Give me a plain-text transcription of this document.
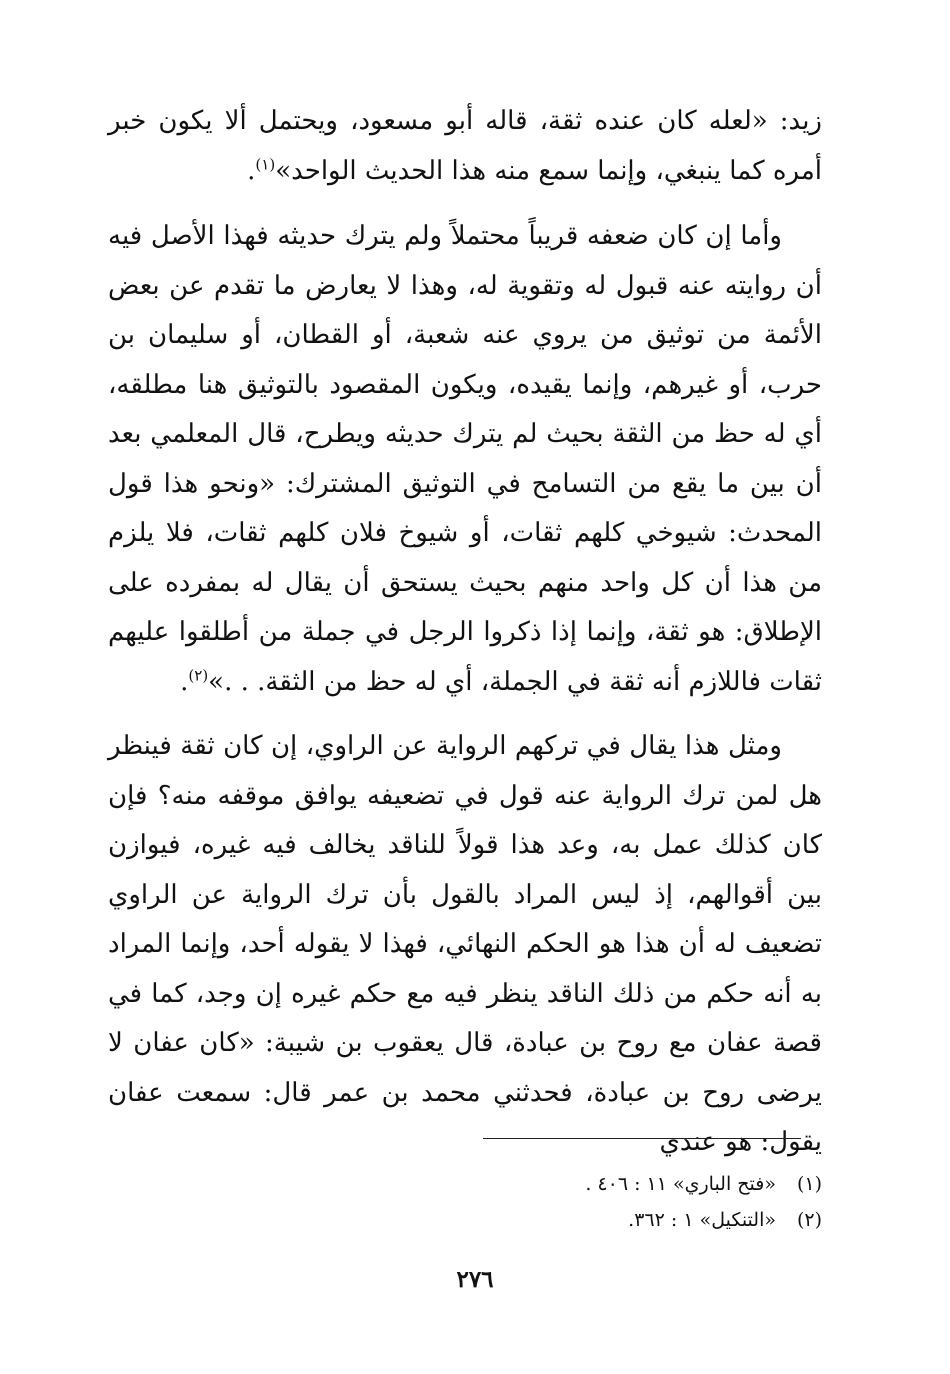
زيد: «لعله كان عنده ثقة، قاله أبو مسعود، ويحتمل ألا يكون خبر أمره كما ينبغي، وإنما سمع منه هذا الحديث الواحد»$^{(١)}$.

وأما إن كان ضعفه قريباً محتملاً ولم يترك حديثه فهذا الأصل فيه أن روايته عنه قبول له وتقوية له، وهذا لا يعارض ما تقدم عن بعض الأئمة من توثيق من يروي عنه شعبة، أو القطان، أو سليمان بن حرب، أو غيرهم، وإنما يقيده، ويكون المقصود بالتوثيق هنا مطلقه، أي له حظ من الثقة بحيث لم يترك حديثه ويطرح، قال المعلمي بعد أن بين ما يقع من التسامح في التوثيق المشترك: «ونحو هذا قول المحدث: شيوخي كلهم ثقات، أو شيوخ فلان كلهم ثقات، فلا يلزم من هذا أن كل واحد منهم بحيث يستحق أن يقال له بمفرده على الإطلاق: هو ثقة، وإنما إذا ذكروا الرجل في جملة من أطلقوا عليهم ثقات فاللازم أنه ثقة في الجملة، أي له حظ من الثقة. . .»$^{(٢)}$.

ومثل هذا يقال في تركهم الرواية عن الراوي، إن كان ثقة فينظر هل لمن ترك الرواية عنه قول في تضعيفه يوافق موقفه منه؟ فإن كان كذلك عمل به، وعد هذا قولاً للناقد يخالف فيه غيره، فيوازن بين أقوالهم، إذ ليس المراد بالقول بأن ترك الرواية عن الراوي تضعيف له أن هذا هو الحكم النهائي، فهذا لا يقوله أحد، وإنما المراد به أنه حكم من ذلك الناقد ينظر فيه مع حكم غيره إن وجد، كما في قصة عفان مع روح بن عبادة، قال يعقوب بن شيبة: «كان عفان لا يرضى روح بن عبادة، فحدثني محمد بن عمر قال: سمعت عفان يقول: هو عندي

(١)«فتح الباري» ١١ : ٤٠٦ .
(٢)«التنكيل» ١ : ٣٦٢.
٢٧٦
